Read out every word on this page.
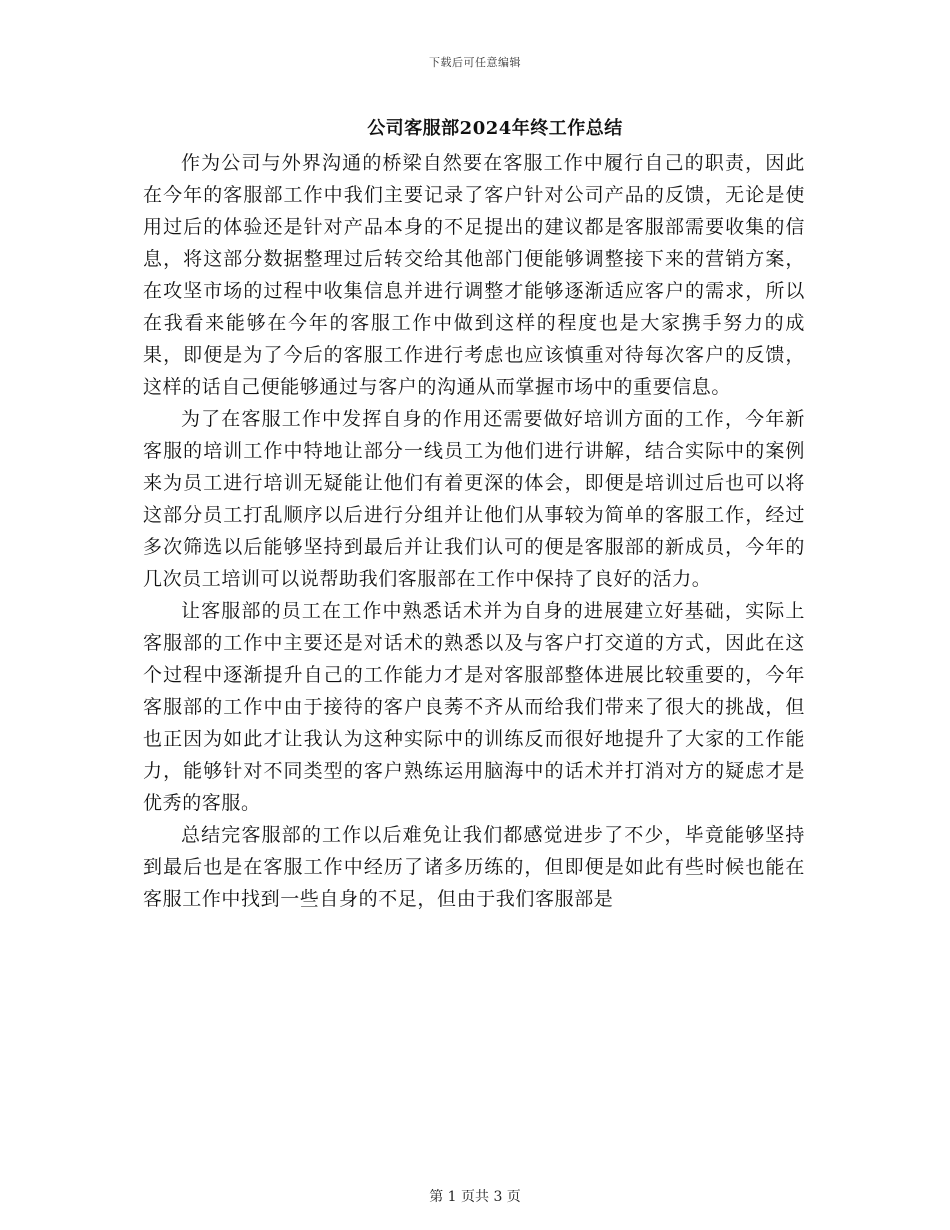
下载后可任意编辑
公司客服部2024年终工作总结

作为公司与外界沟通的桥梁自然要在客服工作中履行自己的职责，因此在今年的客服部工作中我们主要记录了客户针对公司产品的反馈，无论是使用过后的体验还是针对产品本身的不足提出的建议都是客服部需要收集的信息，将这部分数据整理过后转交给其他部门便能够调整接下来的营销方案，在攻坚市场的过程中收集信息并进行调整才能够逐渐适应客户的需求，所以在我看来能够在今年的客服工作中做到这样的程度也是大家携手努力的成果，即便是为了今后的客服工作进行考虑也应该慎重对待每次客户的反馈，这样的话自己便能够通过与客户的沟通从而掌握市场中的重要信息。

为了在客服工作中发挥自身的作用还需要做好培训方面的工作，今年新客服的培训工作中特地让部分一线员工为他们进行讲解，结合实际中的案例来为员工进行培训无疑能让他们有着更深的体会，即便是培训过后也可以将这部分员工打乱顺序以后进行分组并让他们从事较为简单的客服工作，经过多次筛选以后能够坚持到最后并让我们认可的便是客服部的新成员，今年的几次员工培训可以说帮助我们客服部在工作中保持了良好的活力。

让客服部的员工在工作中熟悉话术并为自身的进展建立好基础，实际上客服部的工作中主要还是对话术的熟悉以及与客户打交道的方式，因此在这个过程中逐渐提升自己的工作能力才是对客服部整体进展比较重要的，今年客服部的工作中由于接待的客户良莠不齐从而给我们带来了很大的挑战，但也正因为如此才让我认为这种实际中的训练反而很好地提升了大家的工作能力，能够针对不同类型的客户熟练运用脑海中的话术并打消对方的疑虑才是优秀的客服。

总结完客服部的工作以后难免让我们都感觉进步了不少，毕竟能够坚持到最后也是在客服工作中经历了诸多历练的，但即便是如此有些时候也能在客服工作中找到一些自身的不足，但由于我们客服部是

第 1 页共 3 页
